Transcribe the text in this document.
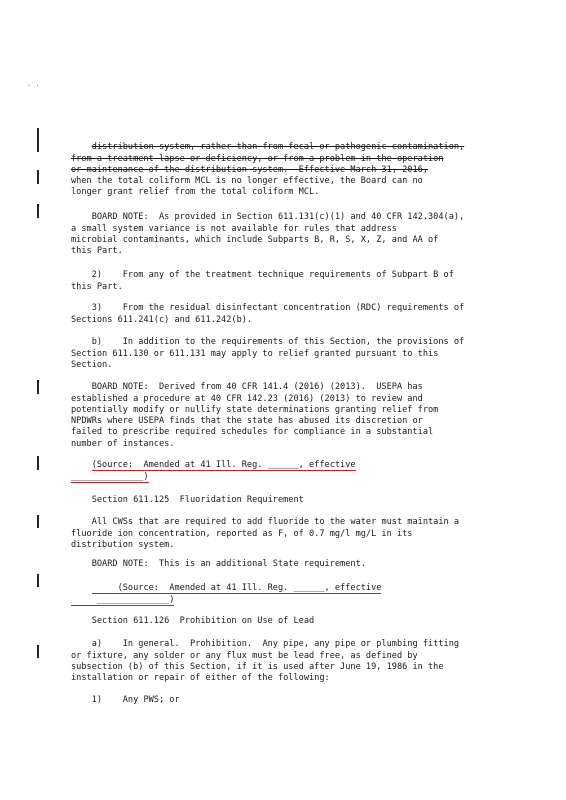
· ·

distribution system, rather than from fecal or pathogenic contamination,
from a treatment lapse or deficiency, or from a problem in the operation
or maintenance of the distribution system.  Effective March 31, 2016,
when the total coliform MCL is no longer effective, the Board can no
longer grant relief from the total coliform MCL.

BOARD NOTE:  As provided in Section 611.131(c)(1) and 40 CFR 142.304(a),
a small system variance is not available for rules that address
microbial contaminants, which include Subparts B, R, S, X, Z, and AA of
this Part.

2)    From any of the treatment technique requirements of Subpart B of
this Part.

3)    From the residual disinfectant concentration (RDC) requirements of
Sections 611.241(c) and 611.242(b).

b)    In addition to the requirements of this Section, the provisions of
Section 611.130 or 611.131 may apply to relief granted pursuant to this
Section.

BOARD NOTE:  Derived from 40 CFR 141.4 (2016) (2013).  USEPA has
established a procedure at 40 CFR 142.23 (2016) (2013) to review and
potentially modify or nullify state determinations granting relief from
NPDWRs where USEPA finds that the state has abused its discretion or
failed to prescribe required schedules for compliance in a substantial
number of instances.

(Source:  Amended at 41 Ill. Reg. ______, effective
______________)

Section 611.125  Fluoridation Requirement

All CWSs that are required to add fluoride to the water must maintain a
fluoride ion concentration, reported as F, of 0.7 mg/l mg/L in its
distribution system.

BOARD NOTE:  This is an additional State requirement.

(Source:  Amended at 41 Ill. Reg. ______, effective
______________)

Section 611.126  Prohibition on Use of Lead

a)    In general.  Prohibition.  Any pipe, any pipe or plumbing fitting
or fixture, any solder or any flux must be lead free, as defined by
subsection (b) of this Section, if it is used after June 19, 1986 in the
installation or repair of either of the following:

1)    Any PWS; or
